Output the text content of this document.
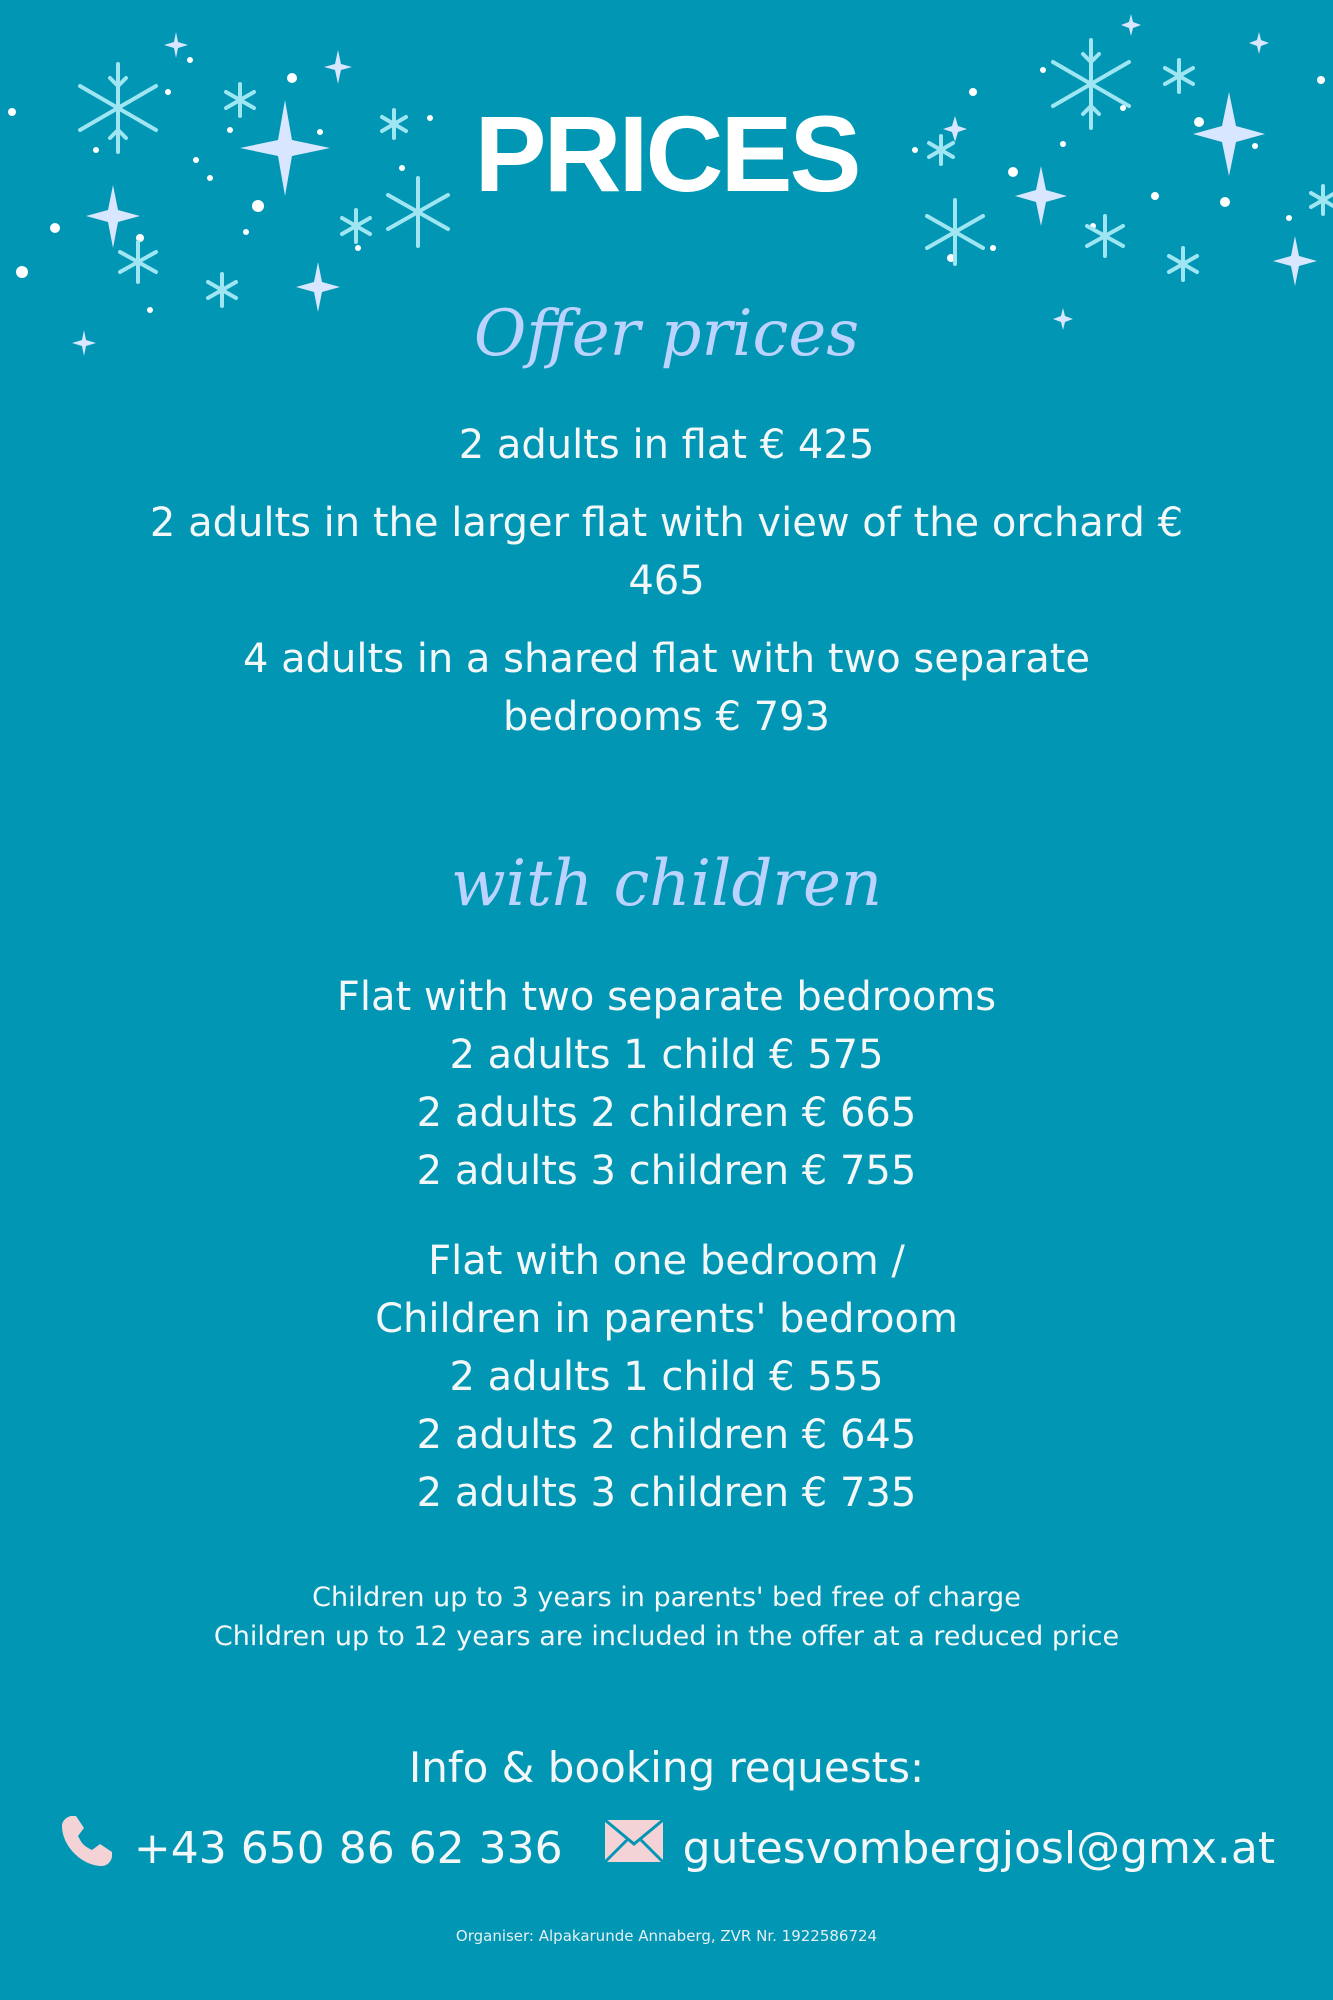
PRICES
Offer prices
2 adults in flat € 425
2 adults in the larger flat with view of the orchard € 465
4 adults in a shared flat with two separate bedrooms € 793
with children
Flat with two separate bedrooms
2 adults 1 child € 575
2 adults 2 children € 665
2 adults 3 children € 755
Flat with one bedroom /
Children in parents' bedroom
2 adults 1 child € 555
2 adults 2 children € 645
2 adults 3 children € 735
Children up to 3 years in parents' bed free of charge
Children up to 12 years are included in the offer at a reduced price
Info & booking requests:
+43 650 86 62 336	gutesvombergjosl@gmx.at
Organiser: Alpakarunde Annaberg, ZVR Nr. 1922586724
